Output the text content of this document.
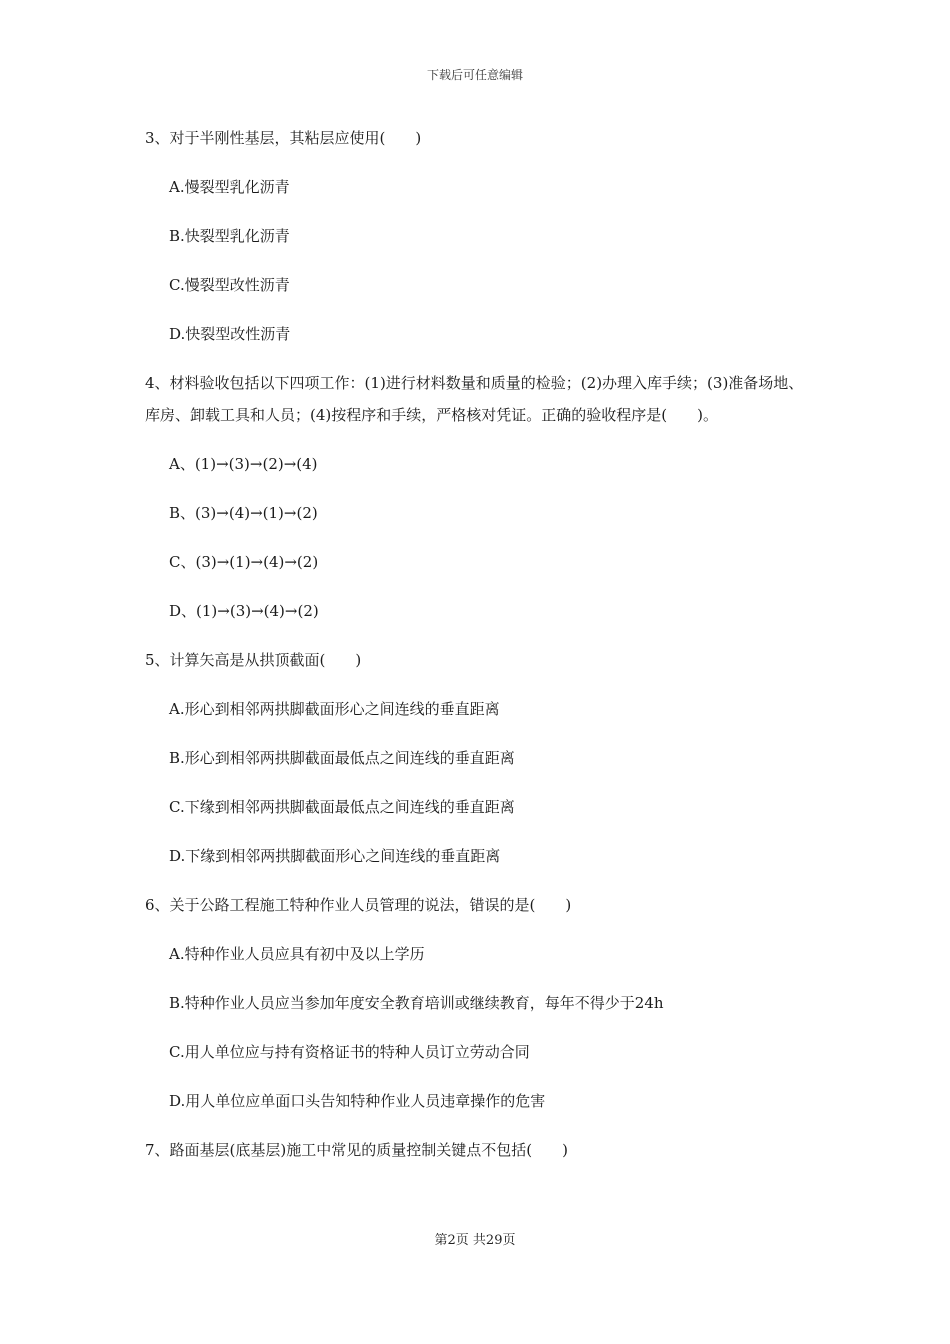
下载后可任意编辑

3、对于半刚性基层，其粘层应使用(　　)

A.慢裂型乳化沥青

B.快裂型乳化沥青

C.慢裂型改性沥青

D.快裂型改性沥青

4、材料验收包括以下四项工作：(1)进行材料数量和质量的检验；(2)办理入库手续；(3)准备场地、库房、卸载工具和人员；(4)按程序和手续，严格核对凭证。正确的验收程序是(　　)。

A、(1)→(3)→(2)→(4)

B、(3)→(4)→(1)→(2)

C、(3)→(1)→(4)→(2)

D、(1)→(3)→(4)→(2)

5、计算矢高是从拱顶截面(　　)

A.形心到相邻两拱脚截面形心之间连线的垂直距离

B.形心到相邻两拱脚截面最低点之间连线的垂直距离

C.下缘到相邻两拱脚截面最低点之间连线的垂直距离

D.下缘到相邻两拱脚截面形心之间连线的垂直距离

6、关于公路工程施工特种作业人员管理的说法，错误的是(　　)

A.特种作业人员应具有初中及以上学历

B.特种作业人员应当参加年度安全教育培训或继续教育，每年不得少于24h

C.用人单位应与持有资格证书的特种人员订立劳动合同

D.用人单位应单面口头告知特种作业人员违章操作的危害

7、路面基层(底基层)施工中常见的质量控制关键点不包括(　　)

第2页 共29页
